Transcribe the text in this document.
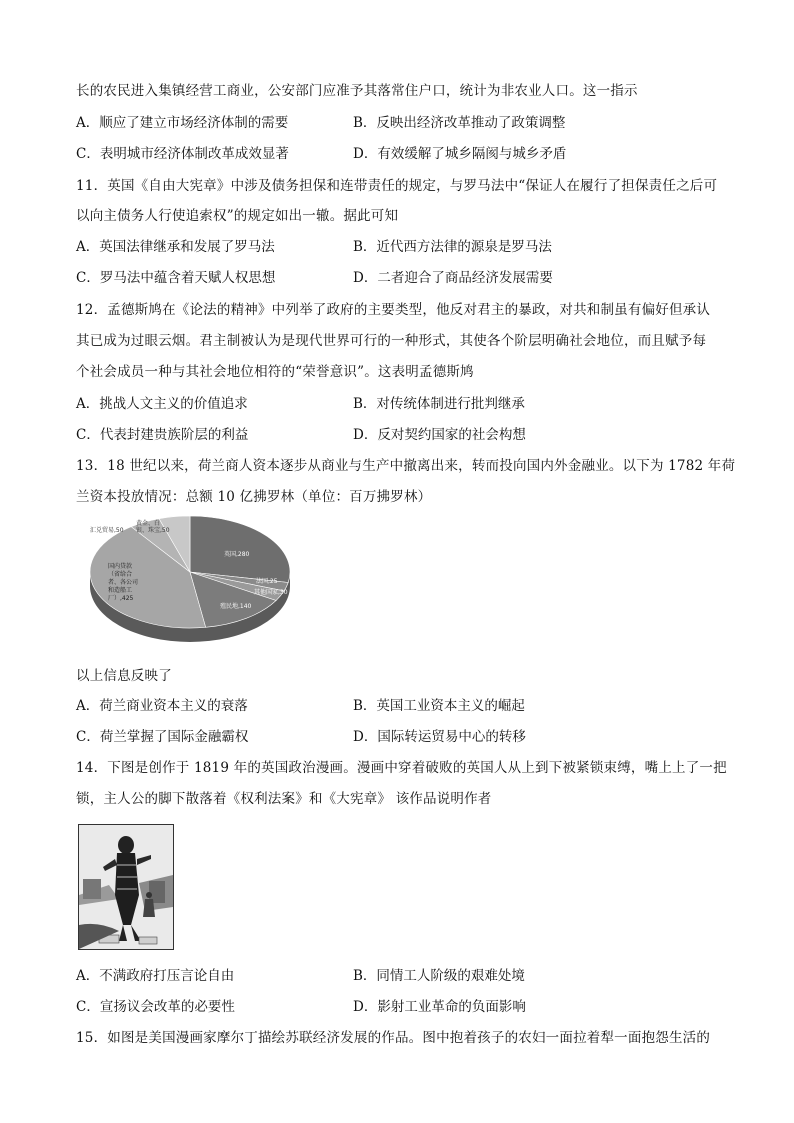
长的农民进入集镇经营工商业，公安部门应准予其落常住户口，统计为非农业人口。这一指示
A．顺应了建立市场经济体制的需要	B．反映出经济改革推动了政策调整
C．表明城市经济体制改革成效显著	D．有效缓解了城乡隔阂与城乡矛盾
11．英国《自由大宪章》中涉及债务担保和连带责任的规定，与罗马法中“保证人在履行了担保责任之后可
以向主债务人行使追索权”的规定如出一辙。据此可知
A．英国法律继承和发展了罗马法	B．近代西方法律的源泉是罗马法
C．罗马法中蕴含着天赋人权思想	D．二者迎合了商品经济发展需要
12．孟德斯鸠在《论法的精神》中列举了政府的主要类型，他反对君主的暴政，对共和制虽有偏好但承认
其已成为过眼云烟。君主制被认为是现代世界可行的一种形式，其使各个阶层明确社会地位，而且赋予每
个社会成员一种与其社会地位相符的“荣誉意识”。这表明孟德斯鸠
A．挑战人文主义的价值追求	B．对传统体制进行批判继承
C．代表封建贵族阶层的利益	D．反对契约国家的社会构想
13．18 世纪以来，荷兰商人资本逐步从商业与生产中撤离出来，转而投向国内外金融业。以下为 1782 年荷
兰资本投放情况：总额 10 亿拂罗林（单位：百万拂罗林）
黄金、白
银、珠宝,50
汇兑贸易,50
英国,280
法国,25
其他国家,30
殖民地,140
国内贷款
（省给合
者、各公司
和造船工
厂）,425
以上信息反映了
A．荷兰商业资本主义的衰落	B．英国工业资本主义的崛起
C．荷兰掌握了国际金融霸权	D．国际转运贸易中心的转移
14．下图是创作于 1819 年的英国政治漫画。漫画中穿着破败的英国人从上到下被紧锁束缚，嘴上上了一把
锁，主人公的脚下散落着《权利法案》和《大宪章》 该作品说明作者
A．不满政府打压言论自由	B．同情工人阶级的艰难处境
C．宣扬议会改革的必要性	D．影射工业革命的负面影响
15．如图是美国漫画家摩尔丁描绘苏联经济发展的作品。图中抱着孩子的农妇一面拉着犁一面抱怨生活的
